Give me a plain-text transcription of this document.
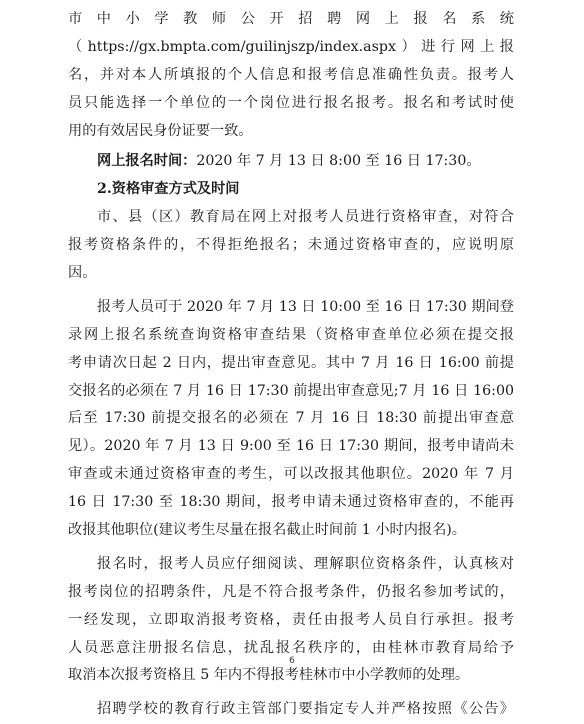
市中小学教师公开招聘网上报名系统
（https://gx.bmpta.com/guilinjszp/index.aspx）进行网上报
名，并对本人所填报的个人信息和报考信息准确性负责。报考人
员只能选择一个单位的一个岗位进行报名报考。报名和考试时使
用的有效居民身份证要一致。
网上报名时间：2020 年 7 月 13 日 8:00 至 16 日 17:30。
2.资格审查方式及时间
市、县（区）教育局在网上对报考人员进行资格审查，对符合
报考资格条件的，不得拒绝报名；未通过资格审查的，应说明原
因。
报考人员可于 2020 年 7 月 13 日 10:00 至 16 日 17:30 期间登
录网上报名系统查询资格审查结果（资格审查单位必须在提交报
考申请次日起 2 日内，提出审查意见。其中 7 月 16 日 16:00 前提
交报名的必须在 7 月 16 日 17:30 前提出审查意见;7 月 16 日 16:00
后至 17:30 前提交报名的必须在 7 月 16 日 18:30 前提出审查意
见）。2020 年 7 月 13 日 9:00 至 16 日 17:30 期间，报考申请尚未
审查或未通过资格审查的考生，可以改报其他职位。2020 年 7 月
16 日 17:30 至 18:30 期间，报考申请未通过资格审查的，不能再
改报其他职位(建议考生尽量在报名截止时间前 1 小时内报名)。
报名时，报考人员应仔细阅读、理解职位资格条件，认真核对
报考岗位的招聘条件，凡是不符合报考条件，仍报名参加考试的，
一经发现，立即取消报考资格，责任由报考人员自行承担。报考
人员恶意注册报名信息，扰乱报名秩序的，由桂林市教育局给予
取消本次报考资格且 5 年内不得报考桂林市中小学教师的处理。
招聘学校的教育行政主管部门要指定专人并严格按照《公告》
6
